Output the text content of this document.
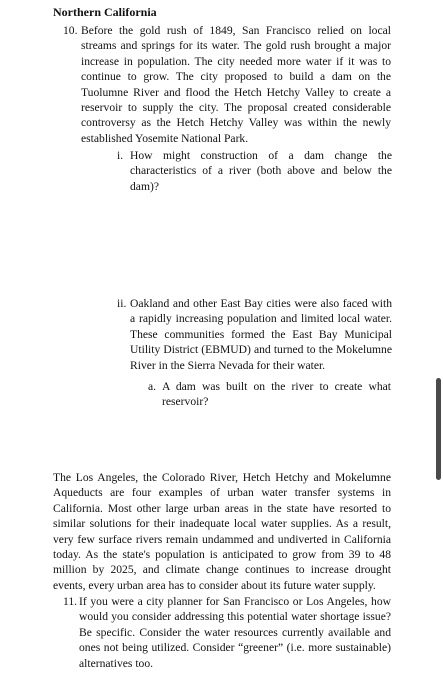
Northern California
10. Before the gold rush of 1849, San Francisco relied on local streams and springs for its water. The gold rush brought a major increase in population. The city needed more water if it was to continue to grow. The city proposed to build a dam on the Tuolumne River and flood the Hetch Hetchy Valley to create a reservoir to supply the city. The proposal created considerable controversy as the Hetch Hetchy Valley was within the newly established Yosemite National Park.
i. How might construction of a dam change the characteristics of a river (both above and below the dam)?
ii. Oakland and other East Bay cities were also faced with a rapidly increasing population and limited local water. These communities formed the East Bay Municipal Utility District (EBMUD) and turned to the Mokelumne River in the Sierra Nevada for their water.
a. A dam was built on the river to create what reservoir?

The Los Angeles, the Colorado River, Hetch Hetchy and Mokelumne Aqueducts are four examples of urban water transfer systems in California. Most other large urban areas in the state have resorted to similar solutions for their inadequate local water supplies. As a result, very few surface rivers remain undammed and undiverted in California today. As the state's population is anticipated to grow from 39 to 48 million by 2025, and climate change continues to increase drought events, every urban area has to consider about its future water supply.

11. If you were a city planner for San Francisco or Los Angeles, how would you consider addressing this potential water shortage issue? Be specific. Consider the water resources currently available and ones not being utilized. Consider “greener” (i.e. more sustainable) alternatives too.
